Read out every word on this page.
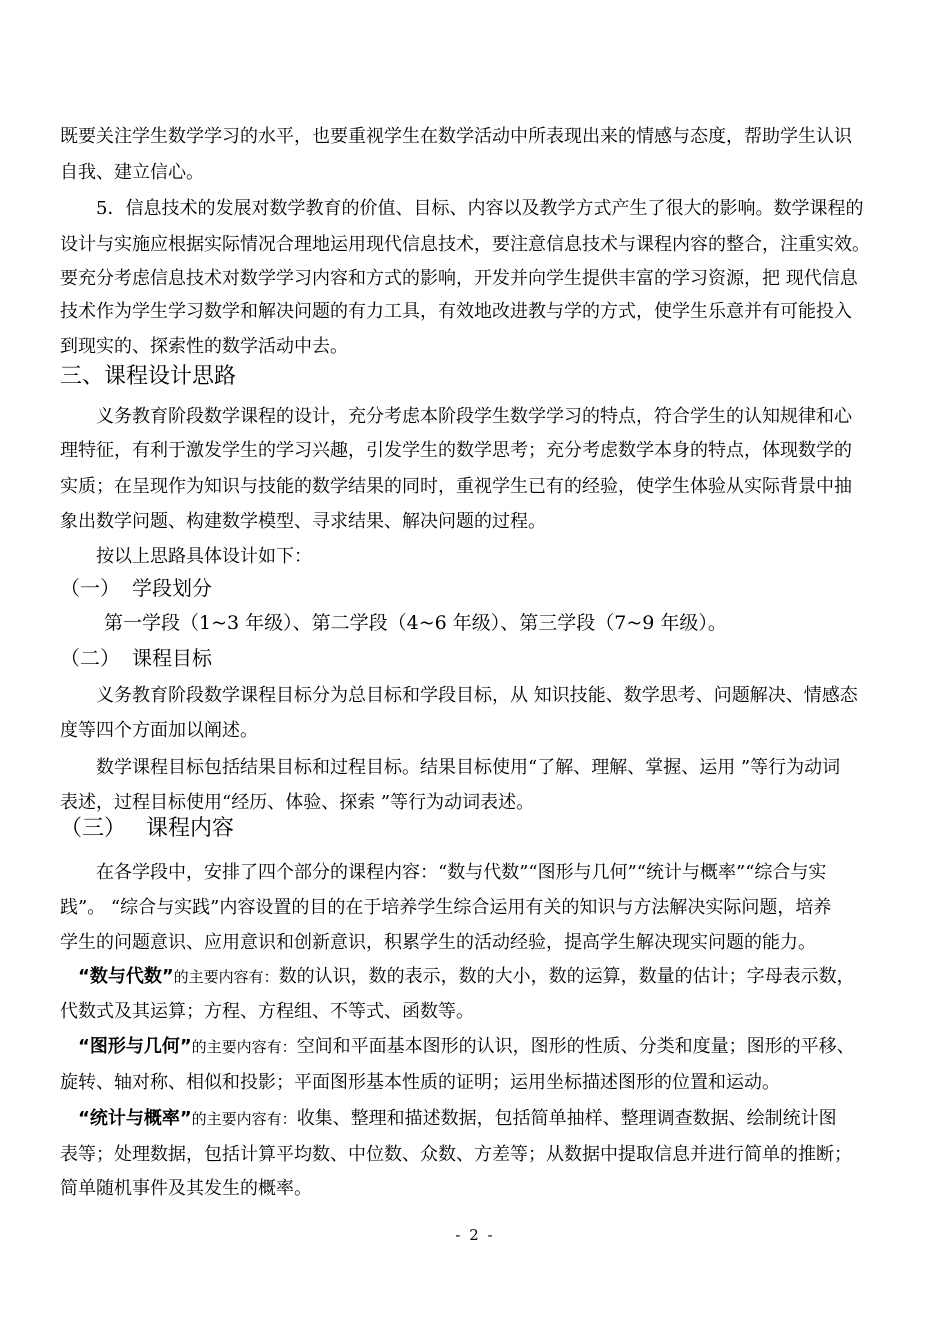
既要关注学生数学学习的水平，也要重视学生在数学活动中所表现出来的情感与态度，帮助学生认识
自我、建立信心。
5．信息技术的发展对数学教育的价值、目标、内容以及教学方式产生了很大的影响。数学课程的
设计与实施应根据实际情况合理地运用现代信息技术，要注意信息技术与课程内容的整合，注重实效。
要充分考虑信息技术对数学学习内容和方式的影响，开发并向学生提供丰富的学习资源，把 现代信息
技术作为学生学习数学和解决问题的有力工具，有效地改进教与学的方式，使学生乐意并有可能投入
到现实的、探索性的数学活动中去。
三、课程设计思路
义务教育阶段数学课程的设计，充分考虑本阶段学生数学学习的特点，符合学生的认知规律和心
理特征，有利于激发学生的学习兴趣，引发学生的数学思考；充分考虑数学本身的特点，体现数学的
实质；在呈现作为知识与技能的数学结果的同时，重视学生已有的经验，使学生体验从实际背景中抽
象出数学问题、构建数学模型、寻求结果、解决问题的过程。
按以上思路具体设计如下：
（一） 学段划分
第一学段（1~3 年级）、第二学段（4~6 年级）、第三学段（7~9 年级）。
（二） 课程目标
义务教育阶段数学课程目标分为总目标和学段目标，从 知识技能、数学思考、问题解决、情感态
度等四个方面加以阐述。
数学课程目标包括结果目标和过程目标。结果目标使用“了解、理解、掌握、运用 ”等行为动词
表述，过程目标使用“经历、体验、探索 ”等行为动词表述。
（三） 课程内容
在各学段中，安排了四个部分的课程内容：“数与代数”“图形与几何”“统计与概率”“综合与实
践”。 “综合与实践”内容设置的目的在于培养学生综合运用有关的知识与方法解决实际问题，培养
学生的问题意识、应用意识和创新意识，积累学生的活动经验，提高学生解决现实问题的能力。
“数与代数”的主要内容有：数的认识，数的表示，数的大小，数的运算，数量的估计；字母表示数，
代数式及其运算；方程、方程组、不等式、函数等。
“图形与几何”的主要内容有：空间和平面基本图形的认识，图形的性质、分类和度量；图形的平移、
旋转、轴对称、相似和投影；平面图形基本性质的证明；运用坐标描述图形的位置和运动。
“统计与概率”的主要内容有：收集、整理和描述数据，包括简单抽样、整理调查数据、绘制统计图
表等；处理数据，包括计算平均数、中位数、众数、方差等；从数据中提取信息并进行简单的推断；
简单随机事件及其发生的概率。
- 2 -
